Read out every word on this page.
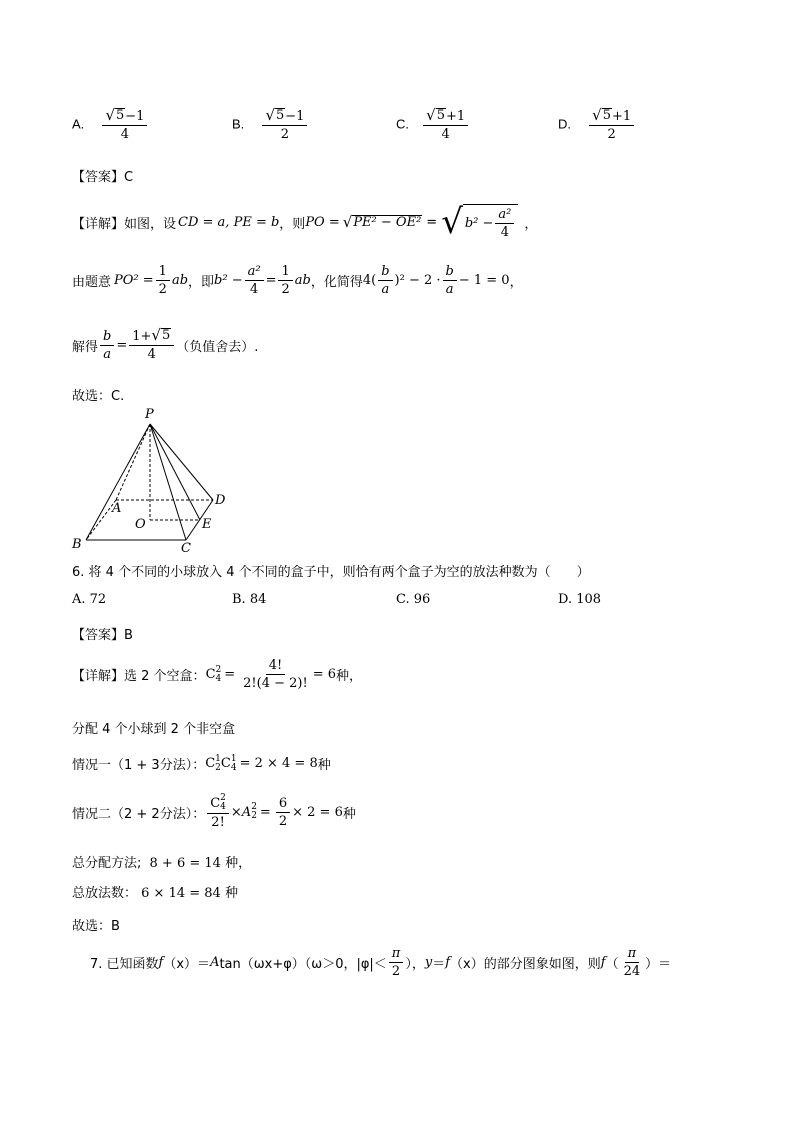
A. $\frac{√ 5 -1}{4}$	B. $\frac{√ 5 -1}{2}$	C. $\frac{√ 5 +1}{4}$	D. $\frac{√ 5 +1}{2}$
【答案】C
【详解】 如图，设 CD = a, PE = b ，则 PO = √ PE² − OE² = √ $b^2 - \frac{\text{a²}}{4}$ ，
由题意 $PO^2 = \frac{1}{2}$ ab ，即 $b^2 - \frac{\text{a²}}{4} = \frac{1}{2}$ ab ，化简得 $4( \frac{b}{a} )^2 - 2 \cdot \frac{b}{a} - 1 = 0$ ，
解得 $\frac{b}{a} = \frac{1+ √ 5}{4}$ （负值舍去）.
故选：C.
P
A
D
O	E
B	C
6. 将 4 个不同的小球放入 4 个不同的盒子中，则恰有两个盒子为空的放法种数为（　　）
A. 72	B. 84	C. 96	D. 108
【答案】B
【详解】 选 2 个空盒： C 2
$4 = \frac{4!}{2!(4 - 2)!} = 6$ 种，
分配 4 个小球到 2 个非空盒
情况一（1 + 3分法）： C 1
2 C 1
4 = 2 × 4 = 8 种
情况二（2 + 2分法）： C 2
4
2! × A 2
$2 = \frac{6}{2} \times 2 = 6$ 种
总分配方法; 8 + 6 = 14 种，
总放法数： 6 × 14 = 84 种
故选：B
7. 已知函数 f （x）＝ A tan（ωx+φ）（ω＞0，$|\varphi|< \frac{\pi}{2}$ ）， y ＝ f （x）的部分图象如图，则 f （ $\frac{\pi}{24}$ ）＝
